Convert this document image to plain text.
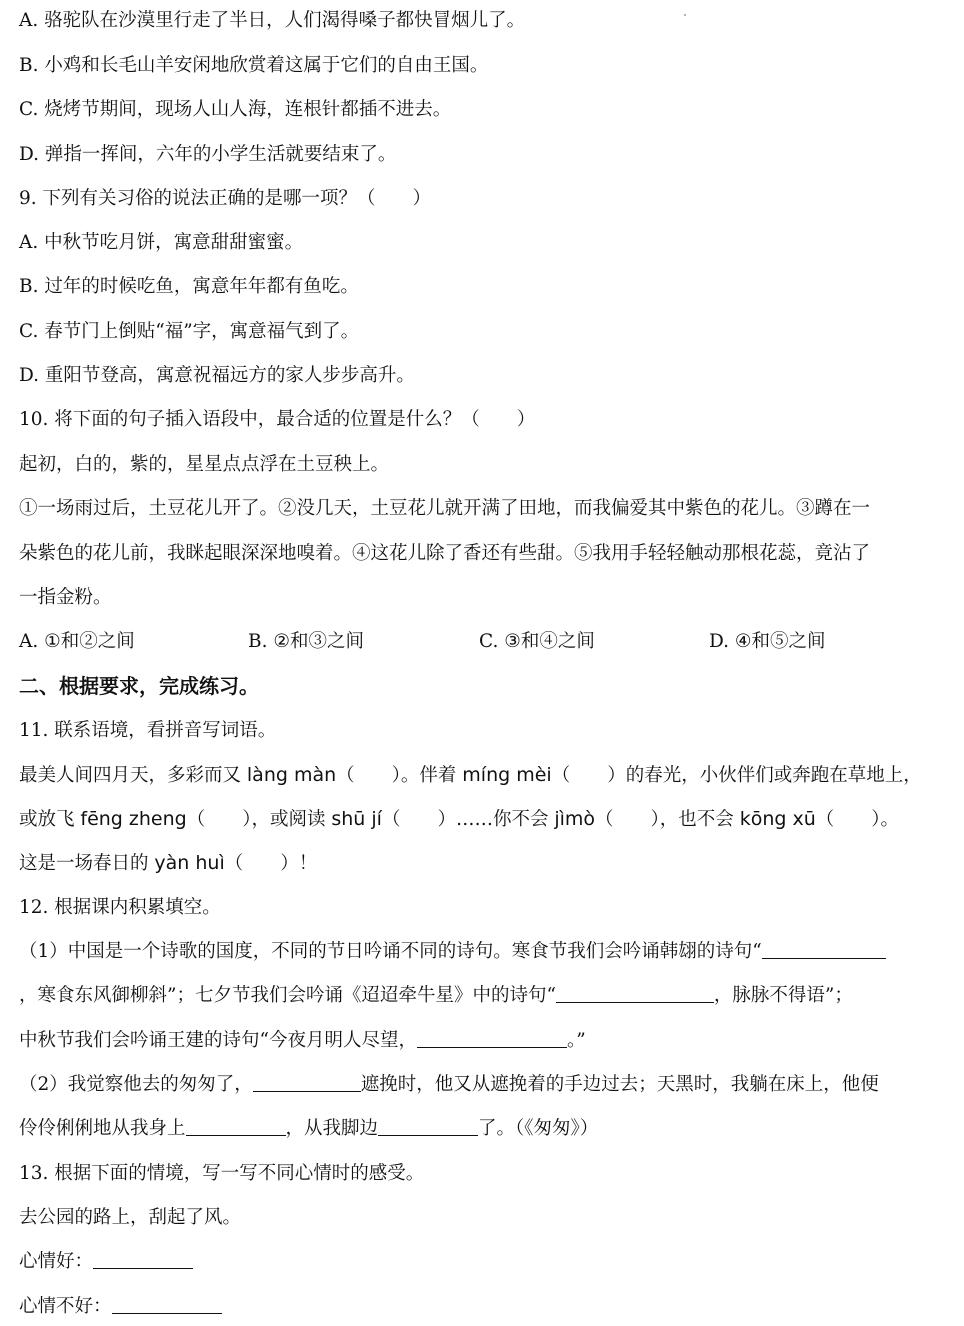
A. 骆驼队在沙漠里行走了半日，人们渴得嗓子都快冒烟儿了。
B. 小鸡和长毛山羊安闲地欣赏着这属于它们的自由王国。
C. 烧烤节期间，现场人山人海，连根针都插不进去。
D. 弹指一挥间，六年的小学生活就要结束了。
9. 下列有关习俗的说法正确的是哪一项？（　　）
A. 中秋节吃月饼，寓意甜甜蜜蜜。
B. 过年的时候吃鱼，寓意年年都有鱼吃。
C. 春节门上倒贴“福”字，寓意福气到了。
D. 重阳节登高，寓意祝福远方的家人步步高升。
10. 将下面的句子插入语段中，最合适的位置是什么？（　　）
起初，白的，紫的，星星点点浮在土豆秧上。
①一场雨过后，土豆花儿开了。②没几天，土豆花儿就开满了田地，而我偏爱其中紫色的花儿。③蹲在一
朵紫色的花儿前，我眯起眼深深地嗅着。④这花儿除了香还有些甜。⑤我用手轻轻触动那根花蕊，竟沾了
一指金粉。
A. ①和②之间	B. ②和③之间	C. ③和④之间	D. ④和⑤之间
二、根据要求，完成练习。
11. 联系语境，看拼音写词语。
最美人间四月天，多彩而又 làng màn（　　）。伴着 míng mèi（　　）的春光，小伙伴们或奔跑在草地上，
或放飞 fēng zheng（　　），或阅读 shū jí（　　）……你不会 jìmò（　　），也不会 kōng xū（　　）。
这是一场春日的 yàn huì（　　）！
12. 根据课内积累填空。
（1）中国是一个诗歌的国度，不同的节日吟诵不同的诗句。寒食节我们会吟诵韩翃的诗句“
，寒食东风御柳斜”；七夕节我们会吟诵《迢迢牵牛星》中的诗句“	，脉脉不得语”；
中秋节我们会吟诵王建的诗句“今夜月明人尽望，	。”
（2）我觉察他去的匆匆了，	遮挽时，他又从遮挽着的手边过去；天黑时，我躺在床上，他便
伶伶俐俐地从我身上	，从我脚边	了。（《匆匆》）
13. 根据下面的情境，写一写不同心情时的感受。
去公园的路上，刮起了风。
心情好：
心情不好：
